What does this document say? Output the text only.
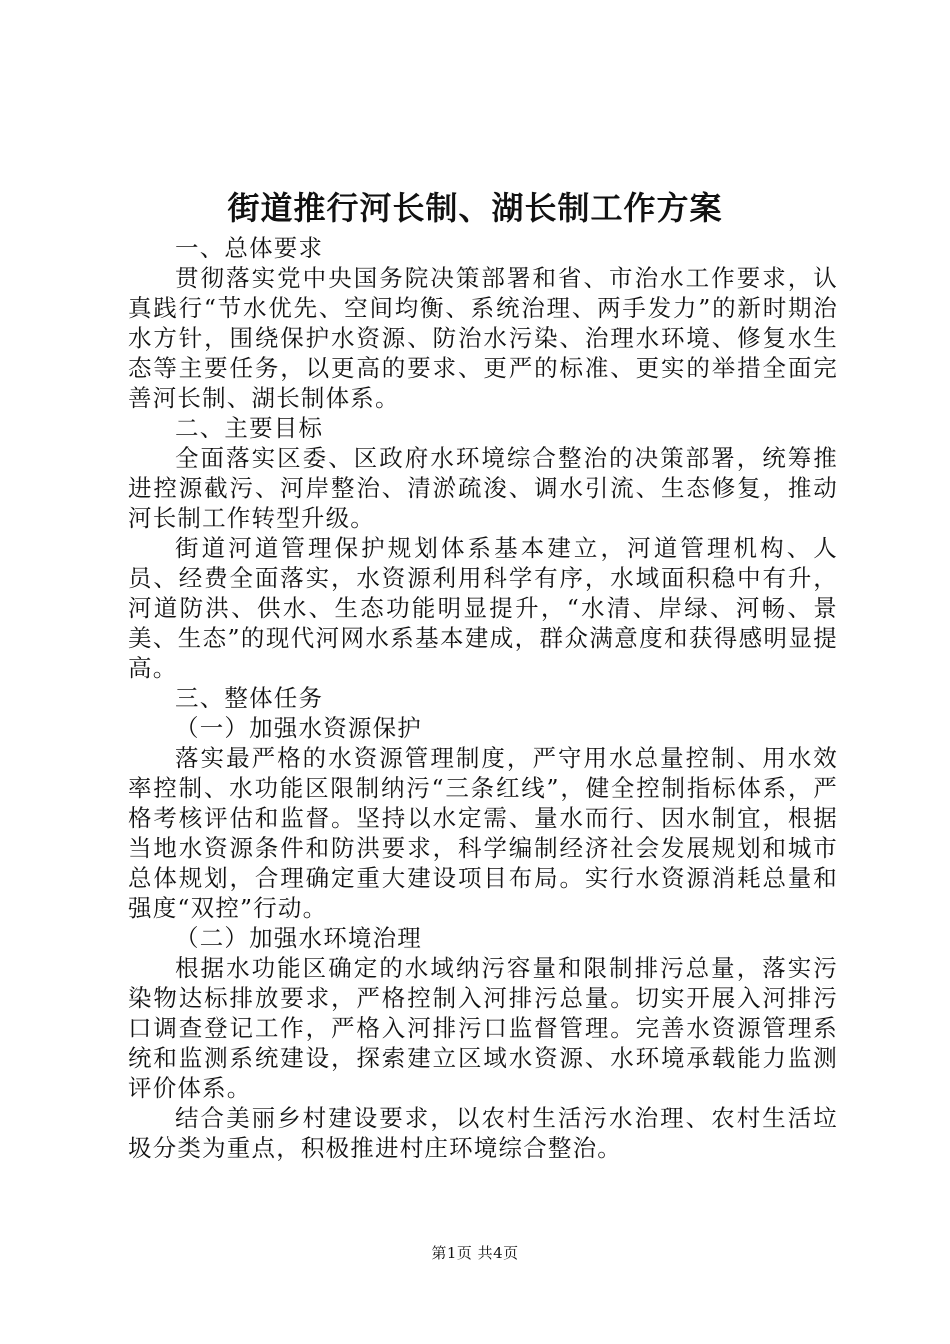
街道推行河长制、湖长制工作方案

一、总体要求

贯彻落实党中央国务院决策部署和省、市治水工作要求，认真践行“节水优先、空间均衡、系统治理、两手发力”的新时期治水方针，围绕保护水资源、防治水污染、治理水环境、修复水生态等主要任务，以更高的要求、更严的标准、更实的举措全面完善河长制、湖长制体系。

二、主要目标

全面落实区委、区政府水环境综合整治的决策部署，统筹推进控源截污、河岸整治、清淤疏浚、调水引流、生态修复，推动河长制工作转型升级。

街道河道管理保护规划体系基本建立，河道管理机构、人员、经费全面落实，水资源利用科学有序，水域面积稳中有升，河道防洪、供水、生态功能明显提升，“水清、岸绿、河畅、景美、生态”的现代河网水系基本建成，群众满意度和获得感明显提高。

三、整体任务

（一）加强水资源保护

落实最严格的水资源管理制度，严守用水总量控制、用水效率控制、水功能区限制纳污“三条红线”，健全控制指标体系，严格考核评估和监督。坚持以水定需、量水而行、因水制宜，根据当地水资源条件和防洪要求，科学编制经济社会发展规划和城市总体规划，合理确定重大建设项目布局。实行水资源消耗总量和强度“双控”行动。

（二）加强水环境治理

根据水功能区确定的水域纳污容量和限制排污总量，落实污染物达标排放要求，严格控制入河排污总量。切实开展入河排污口调查登记工作，严格入河排污口监督管理。完善水资源管理系统和监测系统建设，探索建立区域水资源、水环境承载能力监测评价体系。

结合美丽乡村建设要求，以农村生活污水治理、农村生活垃圾分类为重点，积极推进村庄环境综合整治。

第1页 共4页
